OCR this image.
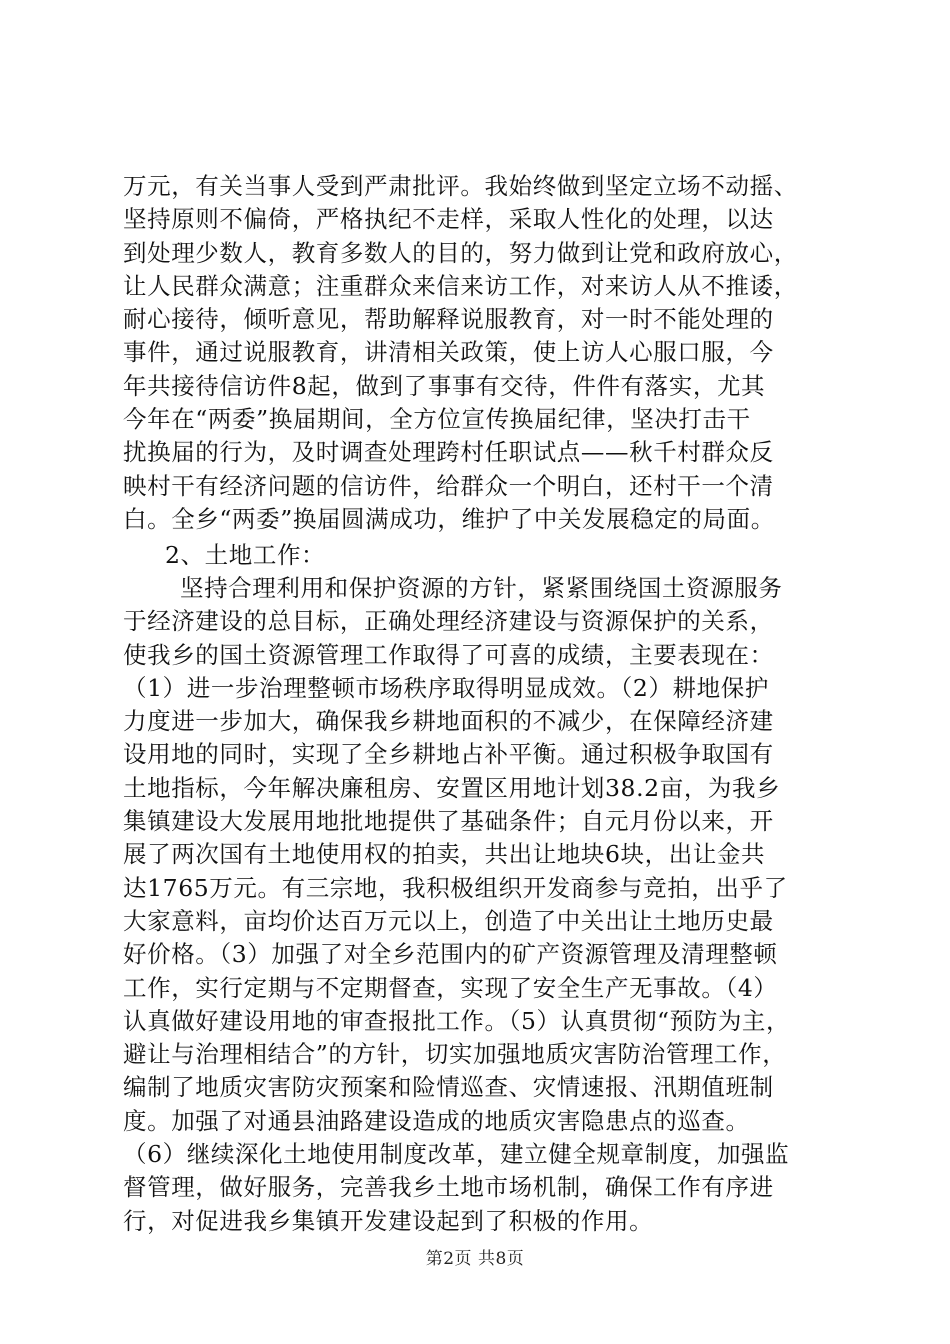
万元，有关当事人受到严肃批评。我始终做到坚定立场不动摇、
坚持原则不偏倚，严格执纪不走样，采取人性化的处理，以达
到处理少数人，教育多数人的目的，努力做到让党和政府放心，
让人民群众满意；注重群众来信来访工作，对来访人从不推诿，
耐心接待，倾听意见，帮助解释说服教育，对一时不能处理的
事件，通过说服教育，讲清相关政策，使上访人心服口服，今
年共接待信访件8起，做到了事事有交待，件件有落实，尤其
今年在“两委”换届期间，全方位宣传换届纪律，坚决打击干
扰换届的行为，及时调查处理跨村任职试点——秋千村群众反
映村干有经济问题的信访件，给群众一个明白，还村干一个清
白。全乡“两委”换届圆满成功，维护了中关发展稳定的局面。
2、土地工作：
坚持合理利用和保护资源的方针，紧紧围绕国土资源服务
于经济建设的总目标，正确处理经济建设与资源保护的关系，
使我乡的国土资源管理工作取得了可喜的成绩，主要表现在：
（1）进一步治理整顿市场秩序取得明显成效。（2）耕地保护
力度进一步加大，确保我乡耕地面积的不减少，在保障经济建
设用地的同时，实现了全乡耕地占补平衡。通过积极争取国有
土地指标，今年解决廉租房、安置区用地计划38.2亩，为我乡
集镇建设大发展用地批地提供了基础条件；自元月份以来，开
展了两次国有土地使用权的拍卖，共出让地块6块，出让金共
达1765万元。有三宗地，我积极组织开发商参与竞拍，出乎了
大家意料，亩均价达百万元以上，创造了中关出让土地历史最
好价格。（3）加强了对全乡范围内的矿产资源管理及清理整顿
工作，实行定期与不定期督查，实现了安全生产无事故。（4）
认真做好建设用地的审查报批工作。（5）认真贯彻“预防为主，
避让与治理相结合”的方针，切实加强地质灾害防治管理工作，
编制了地质灾害防灾预案和险情巡查、灾情速报、汛期值班制
度。加强了对通县油路建设造成的地质灾害隐患点的巡查。
（6）继续深化土地使用制度改革，建立健全规章制度，加强监
督管理，做好服务，完善我乡土地市场机制，确保工作有序进
行，对促进我乡集镇开发建设起到了积极的作用。
第2页 共8页
